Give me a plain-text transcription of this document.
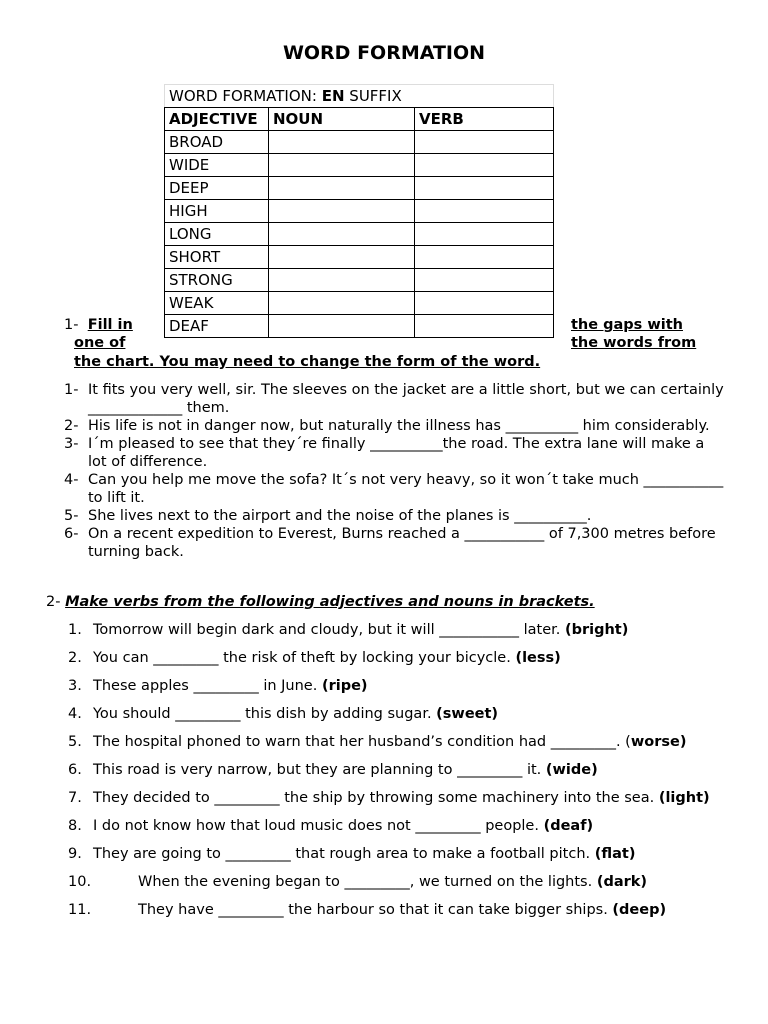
WORD FORMATION
WORD FORMATION: EN SUFFIX		
ADJECTIVE	NOUN	VERB
BROAD		
WIDE		
DEEP		
HIGH		
LONG		
SHORT		
STRONG		
WEAK		
DEAF		
1- Fill in
one of
the gaps with
the words from
the chart. You may need to change the form of the word.
1- It fits you very well, sir. The sleeves on the jacket are a little short, but we can certainly _____________ them.
2- His life is not in danger now, but naturally the illness has __________ him considerably.
3- I´m pleased to see that they´re finally __________the road. The extra lane will make a lot of difference.
4- Can you help me move the sofa? It´s not very heavy, so it won´t take much ___________ to lift it.
5- She lives next to the airport and the noise of the planes is __________.
6- On a recent expedition to Everest, Burns reached a ___________ of 7,300 metres before turning back.
2- Make verbs from the following adjectives and nouns in brackets.
1. Tomorrow will begin dark and cloudy, but it will ___________ later. (bright)
2. You can _________ the risk of theft by locking your bicycle. (less)
3. These apples _________ in June. (ripe)
4. You should _________ this dish by adding sugar. (sweet)
5. The hospital phoned to warn that her husband’s condition had _________. (worse)
6. This road is very narrow, but they are planning to _________ it. (wide)
7. They decided to _________ the ship by throwing some machinery into the sea. (light)
8. I do not know how that loud music does not _________ people. (deaf)
9. They are going to _________ that rough area to make a football pitch. (flat)
10.	When the evening began to _________, we turned on the lights. (dark)
11.	They have _________ the harbour so that it can take bigger ships. (deep)
